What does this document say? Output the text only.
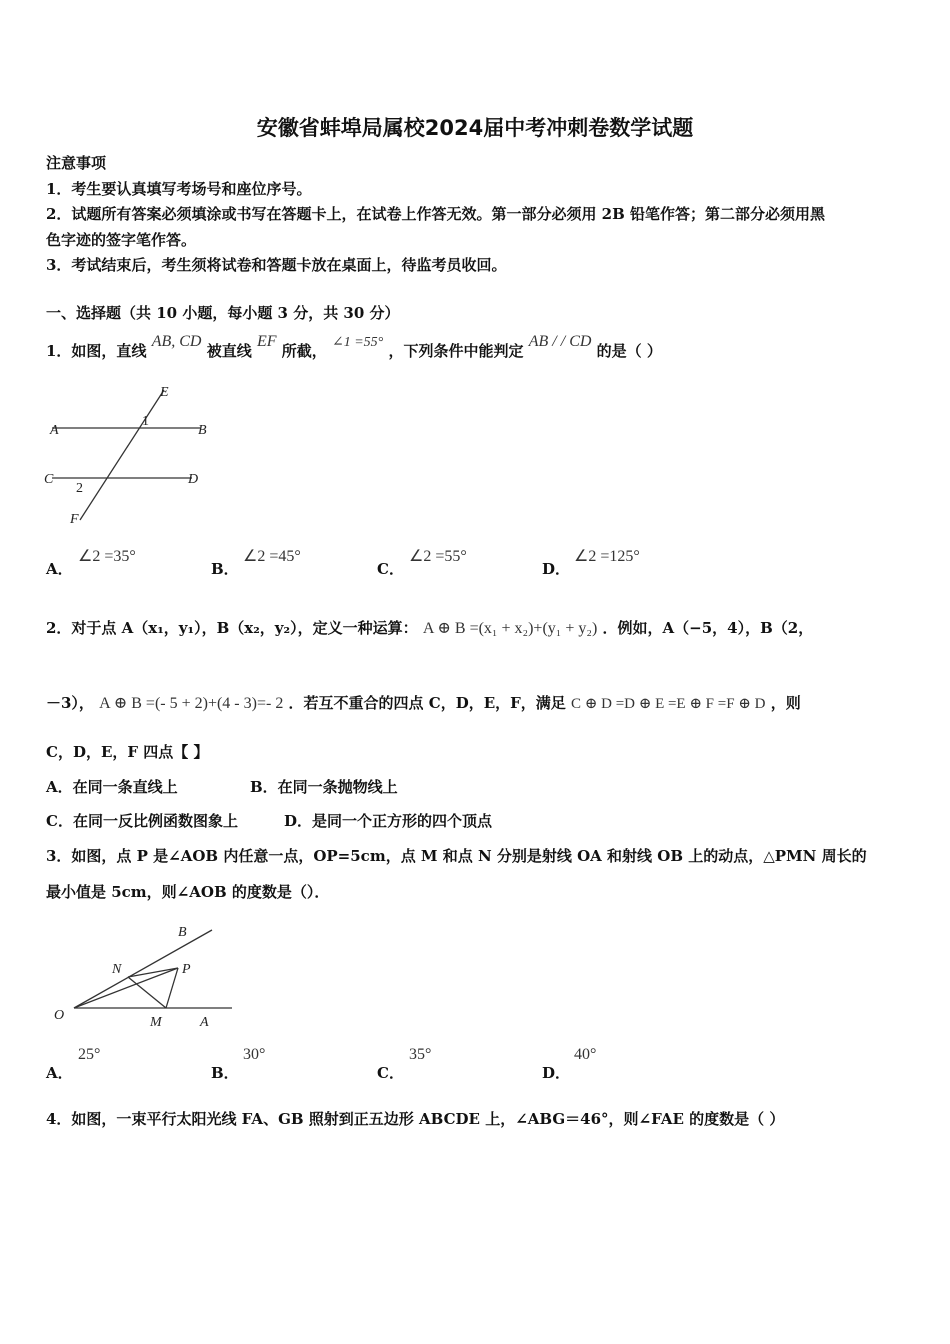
安徽省蚌埠局属校2024届中考冲刺卷数学试题
注意事项
1．考生要认真填写考场号和座位序号。
2．试题所有答案必须填涂或书写在答题卡上，在试卷上作答无效。第一部分必须用 2B 铅笔作答；第二部分必须用黑
色字迹的签字笔作答。
3．考试结束后，考生须将试卷和答题卡放在桌面上，待监考员收回。
一、选择题（共 10 小题，每小题 3 分，共 30 分）
1．如图，直线 AB, CD 被直线 EF 所截， ∠1 =55° ，下列条件中能判定 AB / / CD 的是（ ）
E
1
A	B
C	D
2
F
A．
∠2 =35°
B．
∠2 =45°
C．
∠2 =55°
D．
∠2 =125°
2．对于点 A（x₁，y₁），B（x₂，y₂），定义一种运算： A ⊕ B =(x₁ + x₂)+(y₁ + y₂) ．例如，A（−5，4），B（2，
－3）， A ⊕ B =(- 5 + 2)+(4 - 3)=- 2 ．若互不重合的四点 C，D，E，F，满足 C ⊕ D =D ⊕ E =E ⊕ F =F ⊕ D ，则
C，D，E，F 四点【 】
A．在同一条直线上	B．在同一条抛物线上
C．在同一反比例函数图象上	D．是同一个正方形的四个顶点
3．如图，点 P 是∠AOB 内任意一点，OP=5cm，点 M 和点 N 分别是射线 OA 和射线 OB 上的动点，△PMN 周长的
最小值是 5cm，则∠AOB 的度数是（）．
B
N	P
O	M	A
A．
25°
B．
30°
C．
35°
D．
40°
4．如图，一束平行太阳光线 FA、GB 照射到正五边形 ABCDE 上，∠ABG＝46°，则∠FAE 的度数是（ ）
